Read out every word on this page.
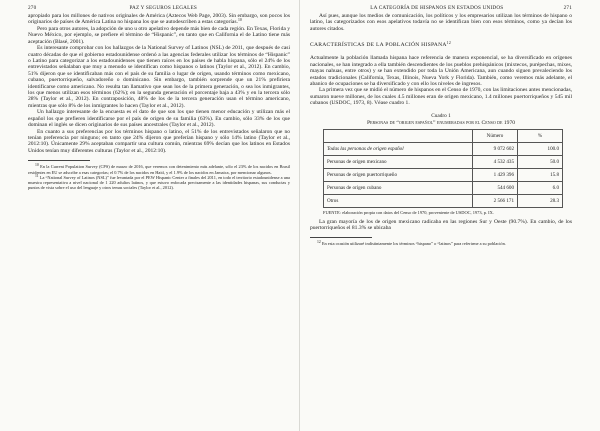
270	PAZ Y SEGUROS LEGALES

apropiado para los millones de nativos originales de América (Aztecos Web Page, 2003). Sin embargo, son pocos los originarios de países de América Latina no hispana los que se autodescriben a estas categorías.$^{10}$

Pero para otros autores, la adopción de uno u otro apelativo depende más bien de cada región. En Texas, Florida y Nuevo México, por ejemplo, se prefiere el término de “Hispanic”, en tanto que en California el de Latino tiene más aceptación (Blasé, 2001).

Es interesante comprobar con los hallazgos de la National Survey of Latinos (NSL) de 2011, que después de casi cuatro décadas de que el gobierno estadounidense ordenó a las agencias federales utilizar los términos de “Hispanic” o Latino para categorizar a los estadounidenses que tienen raíces en los países de habla hispana, sólo el 24% de los entrevistados señalaban que muy a menudo se identifican como hispanos o latinos (Taylor et al., 2012). En cambio, 51% dijeron que se identificaban más con el país de su familia o lugar de origen, usando términos como mexicano, cubano, puertorriqueño, salvadoreño o dominicano. Sin embargo, también sorprende que un 21% prefiriera identificarse como americano. No resulta tan llamativo que sean los de la primera generación, o sea los inmigrantes, los que menos utilizan esos términos (62%); en la segunda generación el porcentaje baja a 43% y en la tercera sólo 28% (Taylor et al., 2012). En contraposición, 48% de los de la tercera generación usan el término americano, mientras que sólo 8% de los inmigrantes lo hacen (Taylor et al., 2012).

Un hallazgo interesante de la encuesta es el dato de que son los que tienen menor educación y utilizan más el español los que prefieren identificarse por el país de origen de su familia (63%). En cambio, sólo 33% de los que dominan el inglés se dicen originarios de sus países ancestrales (Taylor et al., 2012).

En cuanto a sus preferencias por los términos hispano o latino, el 51% de los entrevistados señalaron que no tenían preferencia por ninguno; en tanto que 24% dijeron que preferían hispano y sólo 14% latino (Taylor et al., 2012:10). Únicamente 29% aceptaban compartir una cultura común, mientras 69% decían que los latinos en Estados Unidos tenían muy diferentes culturas (Taylor et al., 2012:10).

$^{10}$ En la Current Population Survey (CPS) de marzo de 2016, que veremos con detenimiento más adelante, sólo el 23% de los nacidos en Brasil residentes en EU se adscribe a esas categorías; el 0.7% de los nacidos en Haití, y el 1.9% de los nacidos en Jamaica, por mencionar algunos.

$^{11}$ La “National Survey of Latinos (NSL)” fue levantada por el PEW Hispanic Center a finales del 2011, en todo el territorio estadounidense a una muestra representativa a nivel nacional de 1 220 adultos latinos, y que estuvo enfocada precisamente a las identidades hispanas, sus conductas y puntos de vista sobre el uso del lenguaje y otros temas sociales (Taylor et al., 2012).

LA CATEGORÍA DE HISPANOS EN ESTADOS UNIDOS	271

Así pues, aunque los medios de comunicación, los políticos y los empresarios utilizan los términos de hispano o latino, las categorizados con esos apelativos todavía no se identifican bien con esos términos, como ya decían los autores citados.

CARACTERÍSTICAS DE LA POBLACIÓN HISPANA$^{12}$

Actualmente la población llamada hispana hace referencia de manera exponencial, se ha diversificado en orígenes nacionales, se han integrado a ella también descendientes de los pueblos prehispánicos (mixtecos, purépechas, mixes, mayas nahuas, entre otros) y se han extendido por toda la Unión Americana, aun cuando siguen prevaleciendo los estados tradicionales (California, Texas, Illinois, Nueva York y Florida). También, como veremos más adelante, el abanico de ocupaciones se ha diversificado y con ello los niveles de ingresos.

La primera vez que se midió el número de hispanos en el Censo de 1970, con las limitaciones antes mencionadas, sumaron nueve millones, de los cuales 4.5 millones eran de origen mexicano, 1.4 millones puertorriqueños y 545 mil cubanos (USDOC, 1973, 8). Véase cuadro 1.

Cuadro 1
Personas de “origen español” enumeradas por el Censo de 1970
	Número	%
Todas las personas de origen español	9 072 602	100.0
Personas de origen mexicano	4 532 435	50.0
Personas de origen puertorriqueño	1 429 396	15.8
Personas de origen cubano	544 600	6.0
Otros	2 566 171	28.3
FUENTE: elaboración propia con datos del Censo de 1970, proveniente de USDOC, 1973, p. IX.

La gran mayoría de los de origen mexicano radicaba en las regiones Sur y Oeste (90.7%). En cambio, de los puertorriqueños el 81.3% se ubicaba

$^{12}$ En esta ocasión utilizaré indistintamente los términos “hispano” o “latinos” para referirme a su población.
